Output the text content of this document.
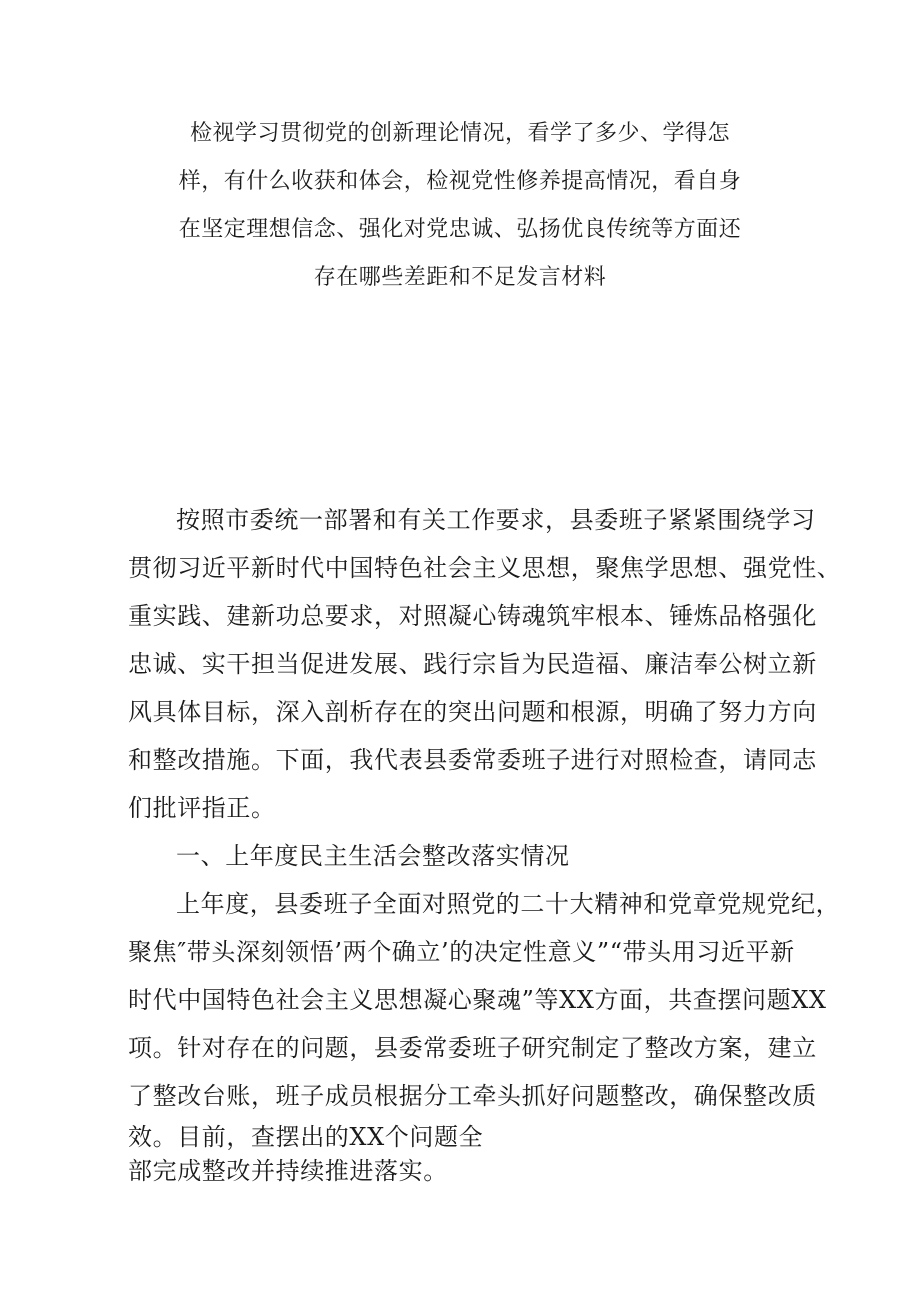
检视学习贯彻党的创新理论情况，看学了多少、学得怎
样，有什么收获和体会，检视党性修养提高情况，看自身
在坚定理想信念、强化对党忠诚、弘扬优良传统等方面还
存在哪些差距和不足发言材料
按照市委统一部署和有关工作要求，县委班子紧紧围绕学习
贯彻习近平新时代中国特色社会主义思想，聚焦学思想、强党性、
重实践、建新功总要求，对照凝心铸魂筑牢根本、锤炼品格强化
忠诚、实干担当促进发展、践行宗旨为民造福、廉洁奉公树立新
风具体目标，深入剖析存在的突出问题和根源，明确了努力方向
和整改措施。下面，我代表县委常委班子进行对照检查，请同志
们批评指正。
一、上年度民主生活会整改落实情况
上年度，县委班子全面对照党的二十大精神和党章党规党纪，
聚焦″带头深刻领悟’两个确立’的决定性意义”“带头用习近平新
时代中国特色社会主义思想凝心聚魂”等XX方面，共查摆问题XX
项。针对存在的问题，县委常委班子研究制定了整改方案，建立
了整改台账，班子成员根据分工牵头抓好问题整改，确保整改质
效。目前，查摆出的XX个问题全
部完成整改并持续推进落实。
